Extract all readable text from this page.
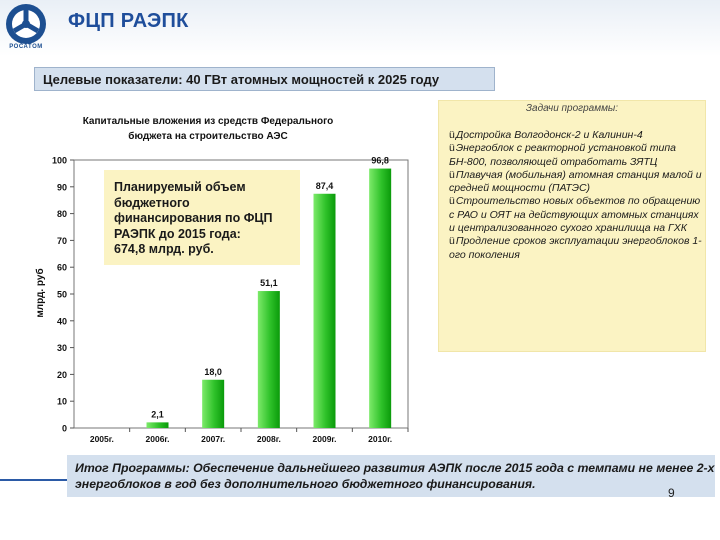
РОСАТОМ
ФЦП РАЭПК
Целевые показатели: 40 ГВт атомных мощностей к 2025 году
Капитальные вложения из средств Федерального
бюджета на строительство АЭС
млрд. руб
0
10
20
30
40
50
60
70
80
90
100
2005г.
2,1
2006г.
18,0
2007г.
51,1
2008г.
87,4
2009г.
96,8
2010г.
Планируемый объем
бюджетного
финансирования по ФЦП
РАЭПК до 2015 года:
674,8 млрд. руб.
Задачи программы:
üДостройка Волгодонск-2 и Калинин-4
üЭнергоблок с реакторной установкой типа БН-800, позволяющей отработать ЗЯТЦ
üПлавучая (мобильная) атомная станция малой и средней мощности (ПАТЭС)
üСтроительство новых объектов по обращению с РАО и ОЯТ на действующих атомных станциях и централизованного сухого хранилища на ГХК
üПродление сроков эксплуатации энергоблоков 1-ого поколения
Итог Программы: Обеспечение дальнейшего развития АЭПК после 2015 года с темпами не менее 2-х энергоблоков в год без дополнительного бюджетного финансирования.
9
